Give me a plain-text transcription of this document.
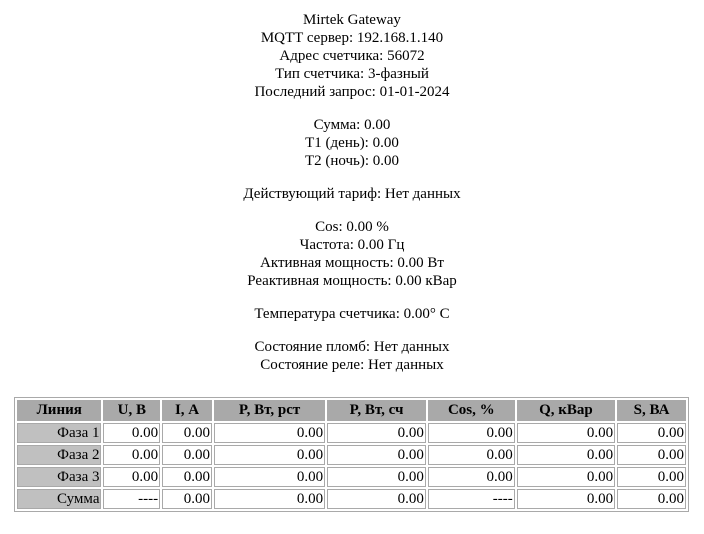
Mirtek Gateway
MQTT сервер: 192.168.1.140
Адрес счетчика: 56072
Тип счетчика: 3-фазный
Последний запрос: 01-01-2024
Сумма: 0.00
T1 (день): 0.00
T2 (ночь): 0.00
Действующий тариф: Нет данных
Cos: 0.00 %
Частота: 0.00 Гц
Активная мощность: 0.00 Вт
Реактивная мощность: 0.00 кВар
Температура счетчика: 0.00° C
Состояние пломб: Нет данных
Состояние реле: Нет данных
Линия	U, В	I, А	P, Вт, рст	P, Вт, сч	Cos, %	Q, кВар	S, ВА
Фаза 1	0.00	0.00	0.00	0.00	0.00	0.00	0.00
Фаза 2	0.00	0.00	0.00	0.00	0.00	0.00	0.00
Фаза 3	0.00	0.00	0.00	0.00	0.00	0.00	0.00
Сумма	----	0.00	0.00	0.00	----	0.00	0.00
